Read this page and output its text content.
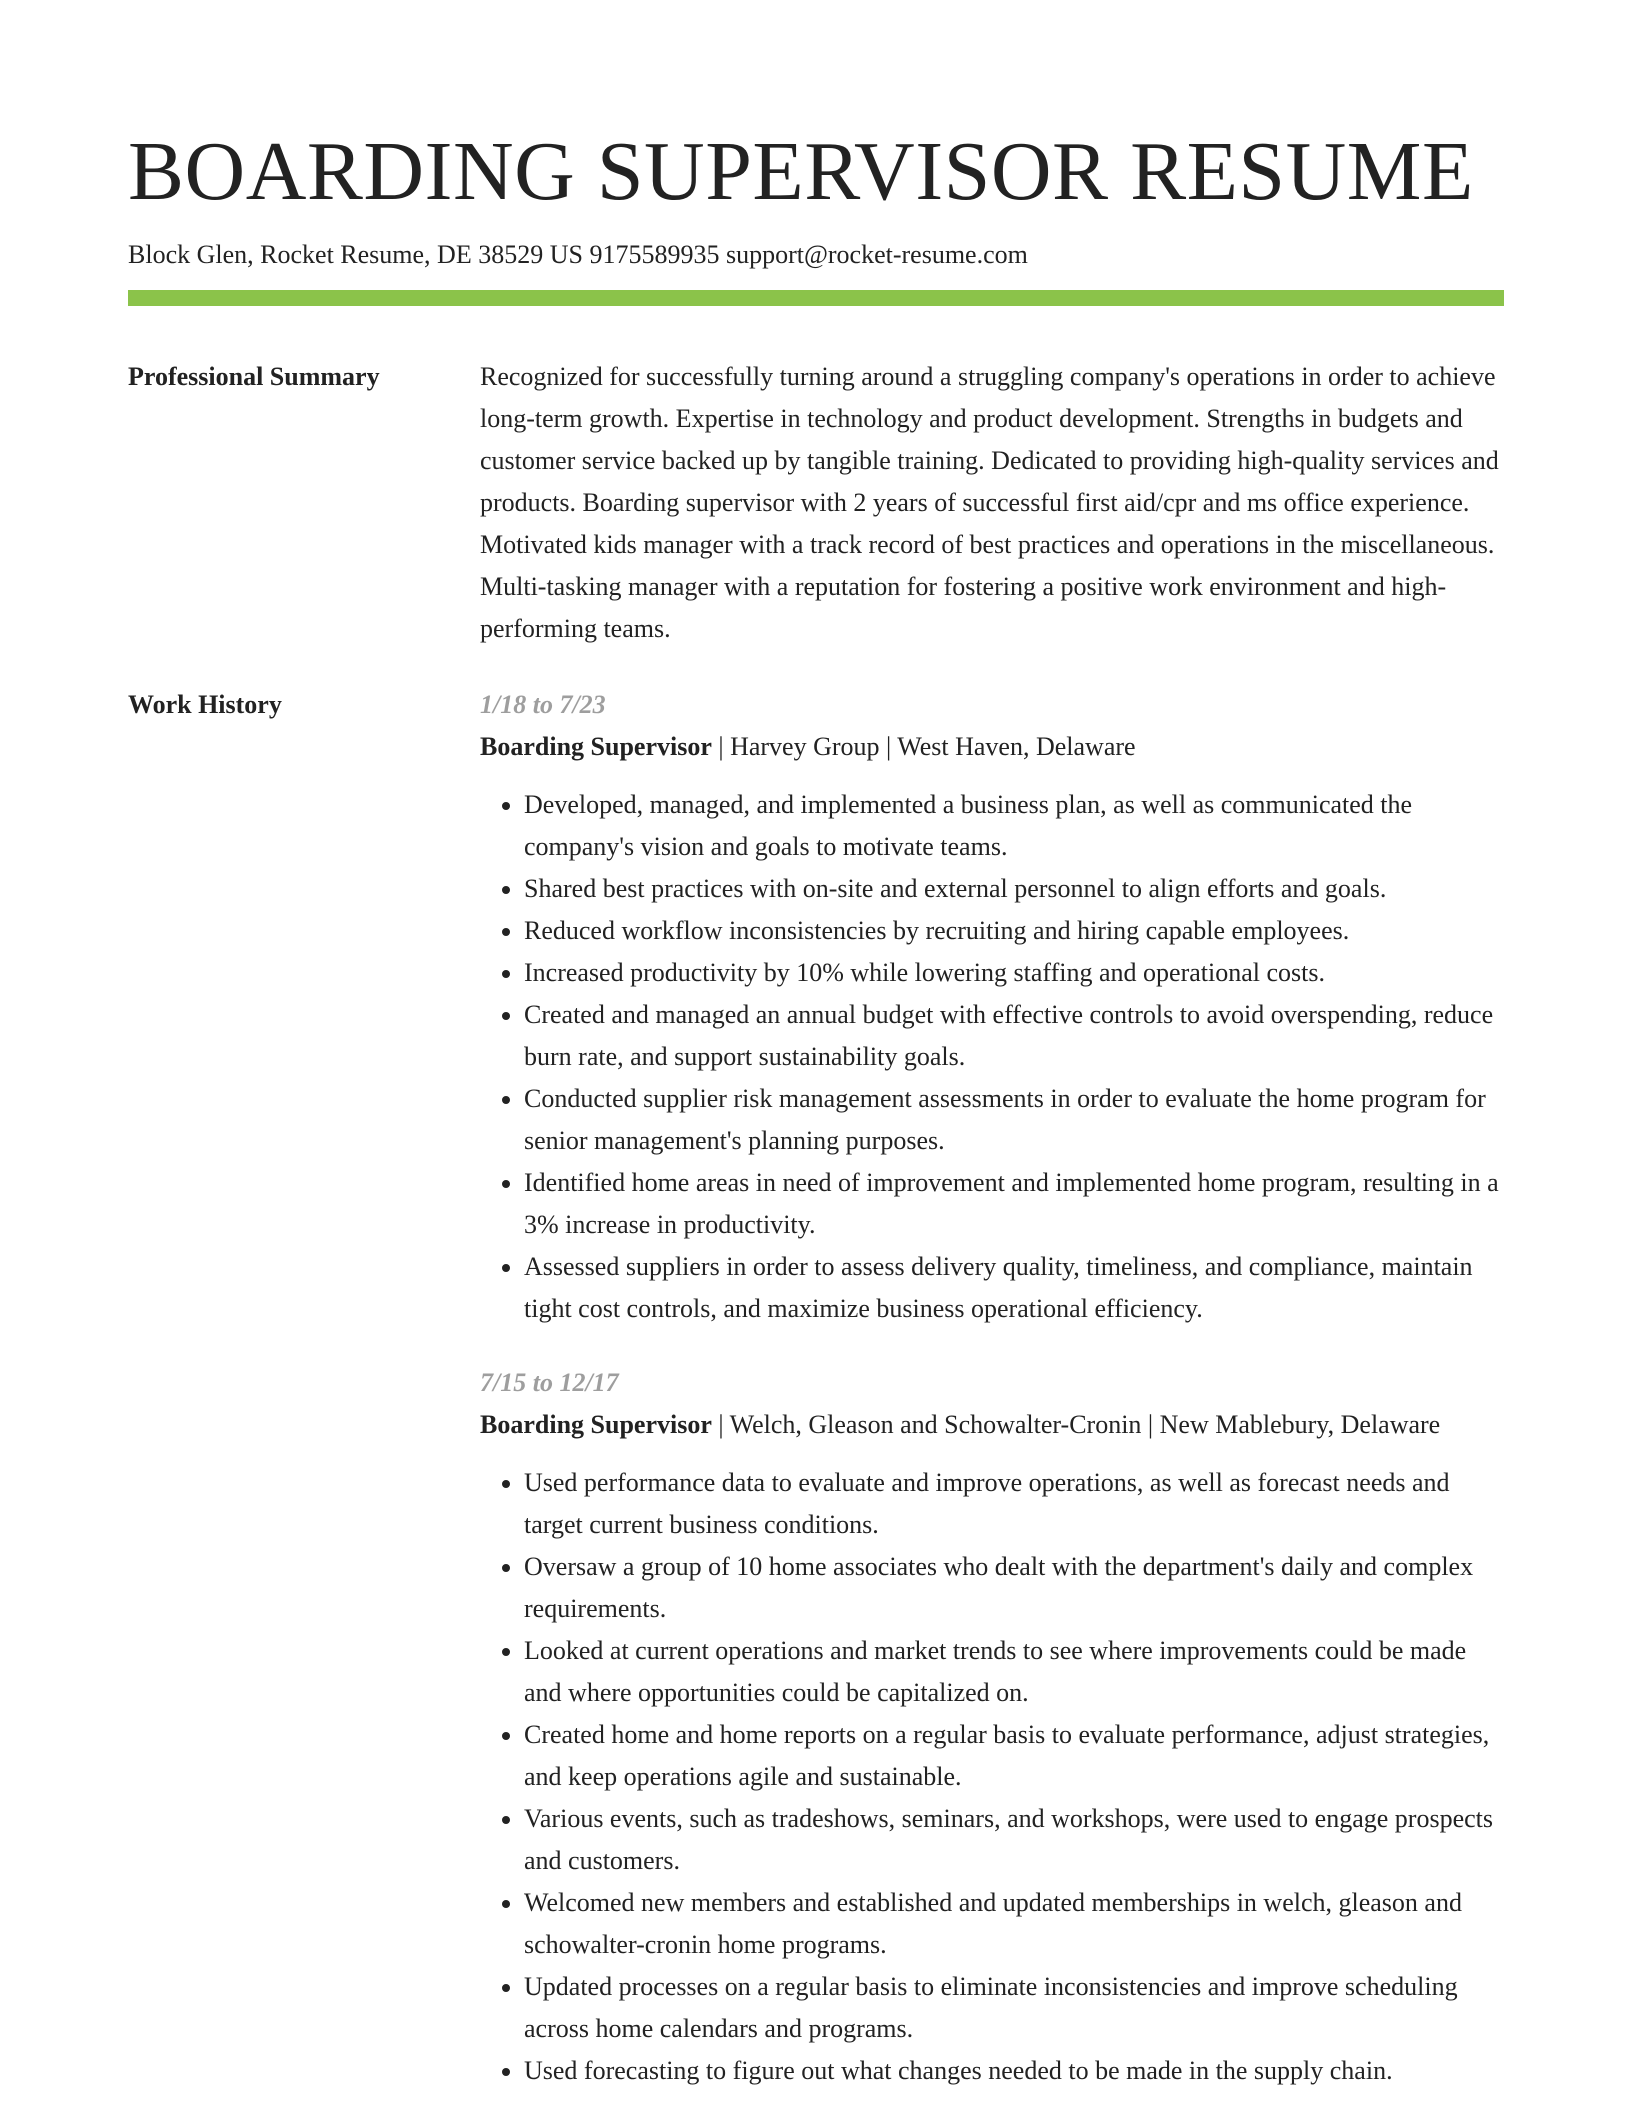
BOARDING SUPERVISOR RESUME
Block Glen, Rocket Resume, DE 38529 US 9175589935 support@rocket-resume.com
Professional Summary	Recognized for successfully turning around a struggling company's operations in order to achieve long-term growth. Expertise in technology and product development. Strengths in budgets and customer service backed up by tangible training. Dedicated to providing high-quality services and products. Boarding supervisor with 2 years of successful first aid/cpr and ms office experience. Motivated kids manager with a track record of best practices and operations in the miscellaneous. Multi-tasking manager with a reputation for fostering a positive work environment and high-performing teams.

Work History	1/18 to 7/23
Boarding Supervisor | Harvey Group | West Haven, Delaware
• Developed, managed, and implemented a business plan, as well as communicated the company's vision and goals to motivate teams.
• Shared best practices with on-site and external personnel to align efforts and goals.
• Reduced workflow inconsistencies by recruiting and hiring capable employees.
• Increased productivity by 10% while lowering staffing and operational costs.
• Created and managed an annual budget with effective controls to avoid overspending, reduce burn rate, and support sustainability goals.
• Conducted supplier risk management assessments in order to evaluate the home program for senior management's planning purposes.
• Identified home areas in need of improvement and implemented home program, resulting in a 3% increase in productivity.
• Assessed suppliers in order to assess delivery quality, timeliness, and compliance, maintain tight cost controls, and maximize business operational efficiency.
7/15 to 12/17
Boarding Supervisor | Welch, Gleason and Schowalter-Cronin | New Mablebury, Delaware
• Used performance data to evaluate and improve operations, as well as forecast needs and target current business conditions.
• Oversaw a group of 10 home associates who dealt with the department's daily and complex requirements.
• Looked at current operations and market trends to see where improvements could be made and where opportunities could be capitalized on.
• Created home and home reports on a regular basis to evaluate performance, adjust strategies, and keep operations agile and sustainable.
• Various events, such as tradeshows, seminars, and workshops, were used to engage prospects and customers.
• Welcomed new members and established and updated memberships in welch, gleason and schowalter-cronin home programs.
• Updated processes on a regular basis to eliminate inconsistencies and improve scheduling across home calendars and programs.
• Used forecasting to figure out what changes needed to be made in the supply chain.
